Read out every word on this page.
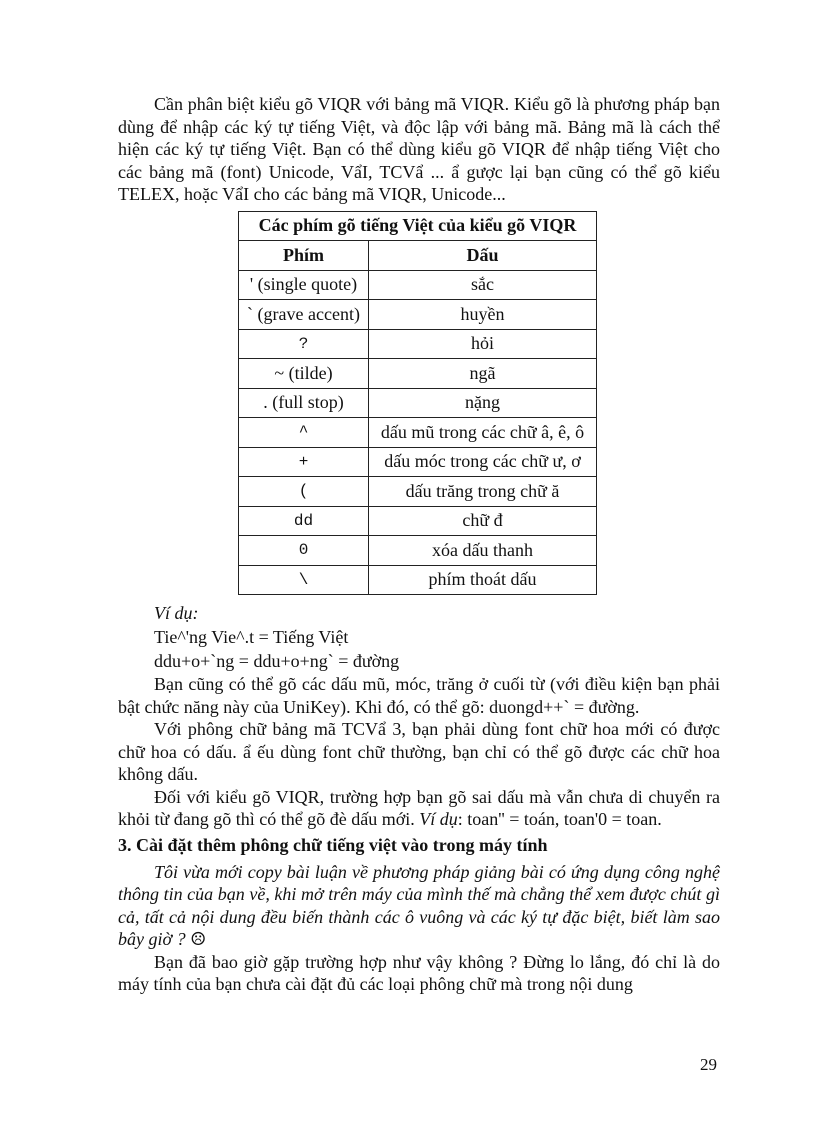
Cần phân biệt kiểu gõ VIQR với bảng mã VIQR. Kiểu gõ là phương pháp bạn dùng để nhập các ký tự tiếng Việt, và độc lập với bảng mã. Bảng mã là cách thể hiện các ký tự tiếng Việt. Bạn có thể dùng kiểu gõ VIQR để nhập tiếng Việt cho các bảng mã (font) Unicode, VẩI, TCVẩ ... ẩ gược lại bạn cũng có thể gõ kiểu TELEX, hoặc VẩI cho các bảng mã VIQR, Unicode...

Các phím gõ tiếng Việt của kiểu gõ VIQR	
Phím	Dấu
' (single quote)	sắc
` (grave accent)	huyền
?	hỏi
~ (tilde)	ngã
. (full stop)	nặng
^	dấu mũ trong các chữ â, ê, ô
+	dấu móc trong các chữ ư, ơ
(	dấu trăng trong chữ ă
dd	chữ đ
0	xóa dấu thanh
\	phím thoát dấu

Ví dụ:

Tie^'ng Vie^.t = Tiếng Việt

ddu+o+`ng = ddu+o+ng` = đường

Bạn cũng có thể gõ các dấu mũ, móc, trăng ở cuối từ (với điều kiện bạn phải bật chức năng này của UniKey). Khi đó, có thể gõ: duongd++` = đường.

Với phông chữ bảng mã TCVẩ 3, bạn phải dùng font chữ hoa mới có được chữ hoa có dấu. ẩ ếu dùng font chữ thường, bạn chỉ có thể gõ được các chữ hoa không dấu.

Đối với kiểu gõ VIQR, trường hợp bạn gõ sai dấu mà vẫn chưa di chuyển ra khỏi từ đang gõ thì có thể gõ đè dấu mới. Ví dụ: toan'' = toán, toan'0 = toan.

3. Cài đặt thêm phông chữ tiếng việt vào trong máy tính

Tôi vừa mới copy bài luận về phương pháp giảng bài có ứng dụng công nghệ thông tin của bạn về, khi mở trên máy của mình thế mà chẳng thể xem được chút gì cả, tất cả nội dung đều biến thành các ô vuông và các ký tự đặc biệt, biết làm sao bây giờ ? ☹

Bạn đã bao giờ gặp trường hợp như vậy không ? Đừng lo lắng, đó chỉ là do máy tính của bạn chưa cài đặt đủ các loại phông chữ mà trong nội dung

29
